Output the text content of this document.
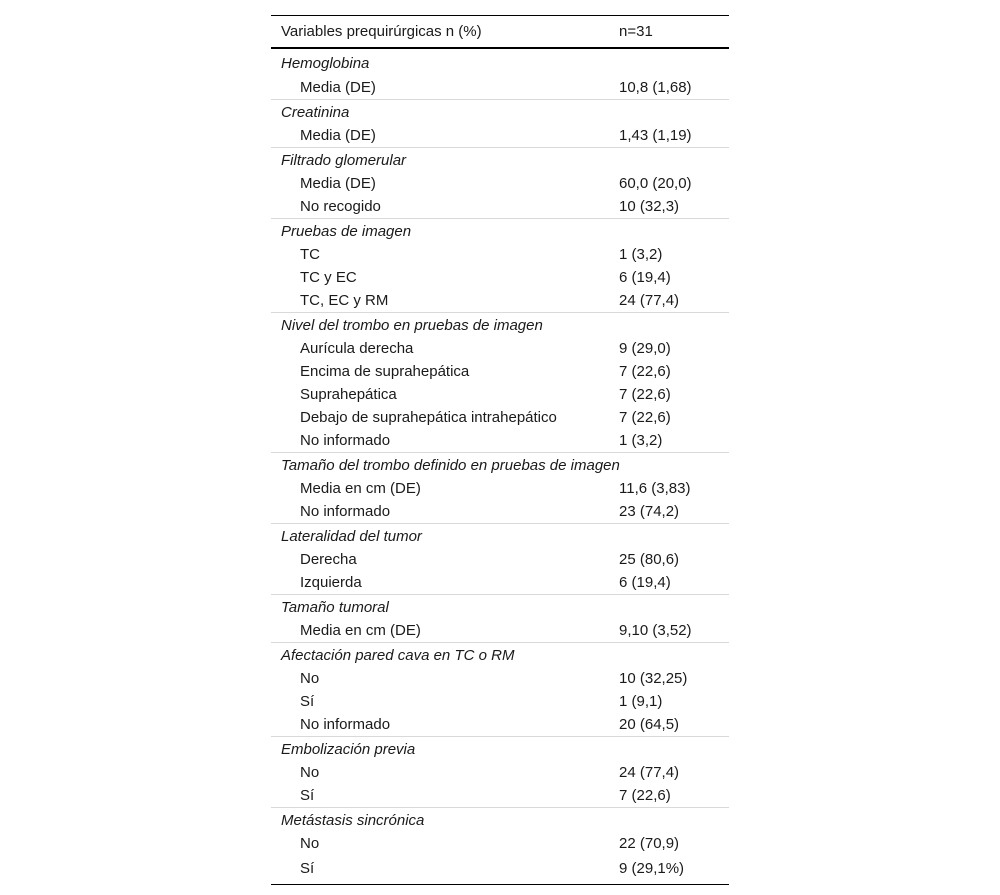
Variables prequirúrgicas n (%)	n=31
Hemoglobina	
Media (DE)	10,8 (1,68)
Creatinina	
Media (DE)	1,43 (1,19)
Filtrado glomerular	
Media (DE)	60,0 (20,0)
No recogido	10 (32,3)
Pruebas de imagen	
TC	1 (3,2)
TC y EC	6 (19,4)
TC, EC y RM	24 (77,4)
Nivel del trombo en pruebas de imagen	
Aurícula derecha	9 (29,0)
Encima de suprahepática	7 (22,6)
Suprahepática	7 (22,6)
Debajo de suprahepática intrahepático	7 (22,6)
No informado	1 (3,2)
Tamaño del trombo definido en pruebas de imagen	
Media en cm (DE)	11,6 (3,83)
No informado	23 (74,2)
Lateralidad del tumor	
Derecha	25 (80,6)
Izquierda	6 (19,4)
Tamaño tumoral	
Media en cm (DE)	9,10 (3,52)
Afectación pared cava en TC o RM	
No	10 (32,25)
Sí	1 (9,1)
No informado	20 (64,5)
Embolización previa	
No	24 (77,4)
Sí	7 (22,6)
Metástasis sincrónica	
No	22 (70,9)
Sí	9 (29,1%)
